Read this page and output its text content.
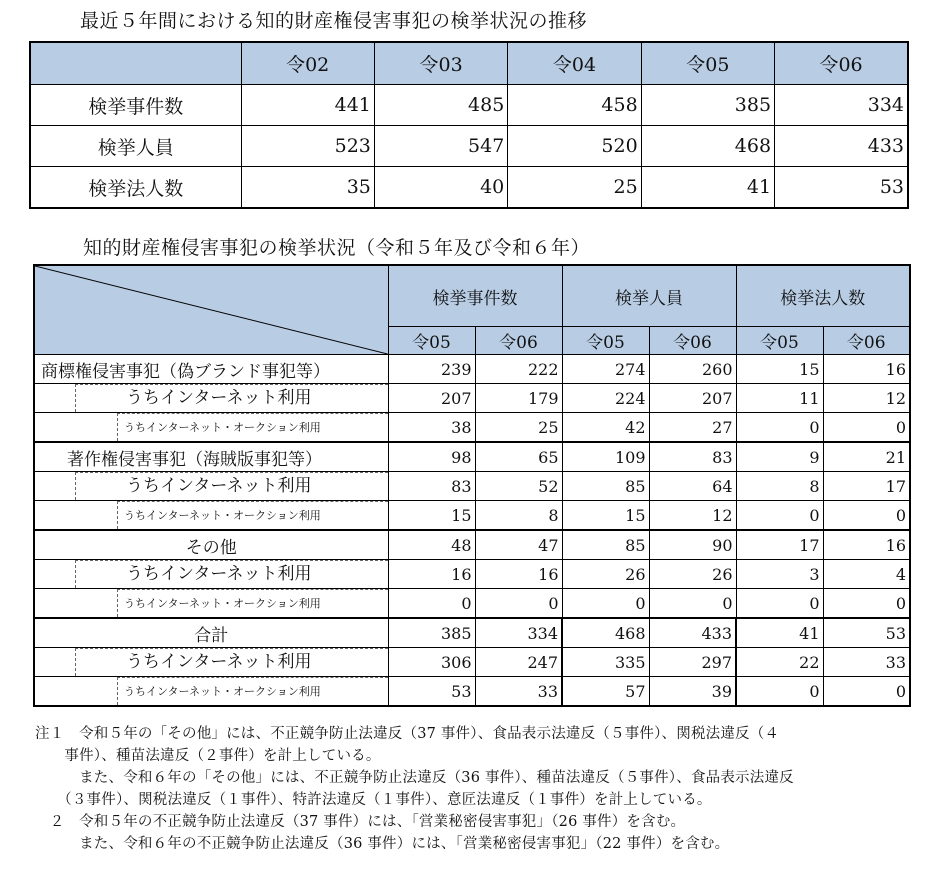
最近５年間における知的財産権侵害事犯の検挙状況の推移
	令02	令03	令04	令05	令06
検挙事件数	441	485	458	385	334
検挙人員	523	547	520	468	433
検挙法人数	35	40	25	41	53
知的財産権侵害事犯の検挙状況（令和５年及び令和６年）
	検挙事件数		検挙人員		検挙法人数	
	令05	令06	令05	令06	令05	令06

商標権侵害事犯（偽ブランド事犯等）	239	222	274	260	15	16

うちインターネット利用	207	179	224	207	11	12

うちインターネット・オークション利用	38	25	42	27	0	0

著作権侵害事犯（海賊版事犯等）	98	65	109	83	9	21

うちインターネット利用	83	52	85	64	8	17

うちインターネット・オークション利用	15	8	15	12	0	0

その他	48	47	85	90	17	16

うちインターネット利用	16	16	26	26	3	4

うちインターネット・オークション利用	0	0	0	0	0	0

合計	385	334	468	433	41	53

うちインターネット利用	306	247	335	297	22	33

うちインターネット・オークション利用	53	33	57	39	0	0

注１　令和５年の「その他」には、不正競争防止法違反（37 事件）、食品表示法違反（５事件）、関税法違反（４

　　事件）、種苗法違反（２事件）を計上している。

　　　また、令和６年の「その他」には、不正競争防止法違反（36 事件）、種苗法違反（５事件）、食品表示法違反

　　（３事件）、関税法違反（１事件）、特許法違反（１事件）、意匠法違反（１事件）を計上している。

　２　令和５年の不正競争防止法違反（37 事件）には、「営業秘密侵害事犯」（26 事件）を含む。

　　　また、令和６年の不正競争防止法違反（36 事件）には、「営業秘密侵害事犯」（22 事件）を含む。
